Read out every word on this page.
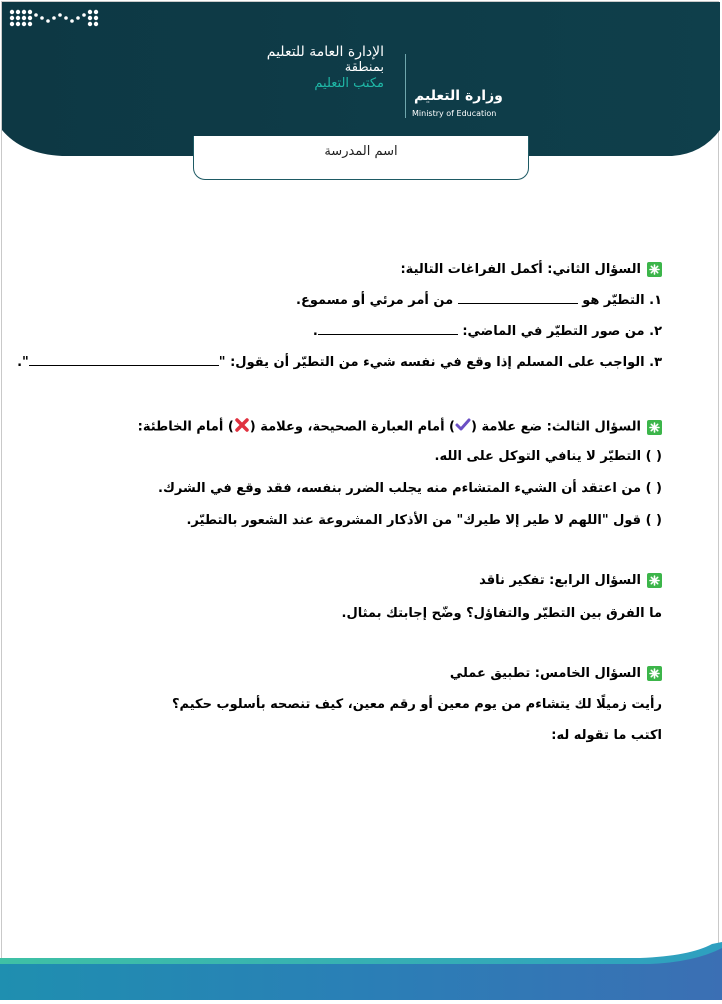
وزارة التعليم
Ministry of Education
الإدارة العامة للتعليم
بمنطقة
مكتب التعليم
اسم المدرسة
السؤال الثاني: أكمل الفراغات التالية:
١. التطيّر هو  من أمر مرئي أو مسموع.
٢. من صور التطيّر في الماضي: .
٣. الواجب على المسلم إذا وقع في نفسه شيء من التطيّر أن يقول: "".
السؤال الثالث: ضع علامة () أمام العبارة الصحيحة، وعلامة () أمام الخاطئة:
( ) التطيّر لا ينافي التوكل على الله.
( ) من اعتقد أن الشيء المتشاءم منه يجلب الضرر بنفسه، فقد وقع في الشرك.
( ) قول "اللهم لا طير إلا طيرك" من الأذكار المشروعة عند الشعور بالتطيّر.
السؤال الرابع: تفكير ناقد
ما الفرق بين التطيّر والتفاؤل؟ وضّح إجابتك بمثال.
السؤال الخامس: تطبيق عملي
رأيت زميلًا لك يتشاءم من يوم معين أو رقم معين، كيف تنصحه بأسلوب حكيم؟
اكتب ما تقوله له:
